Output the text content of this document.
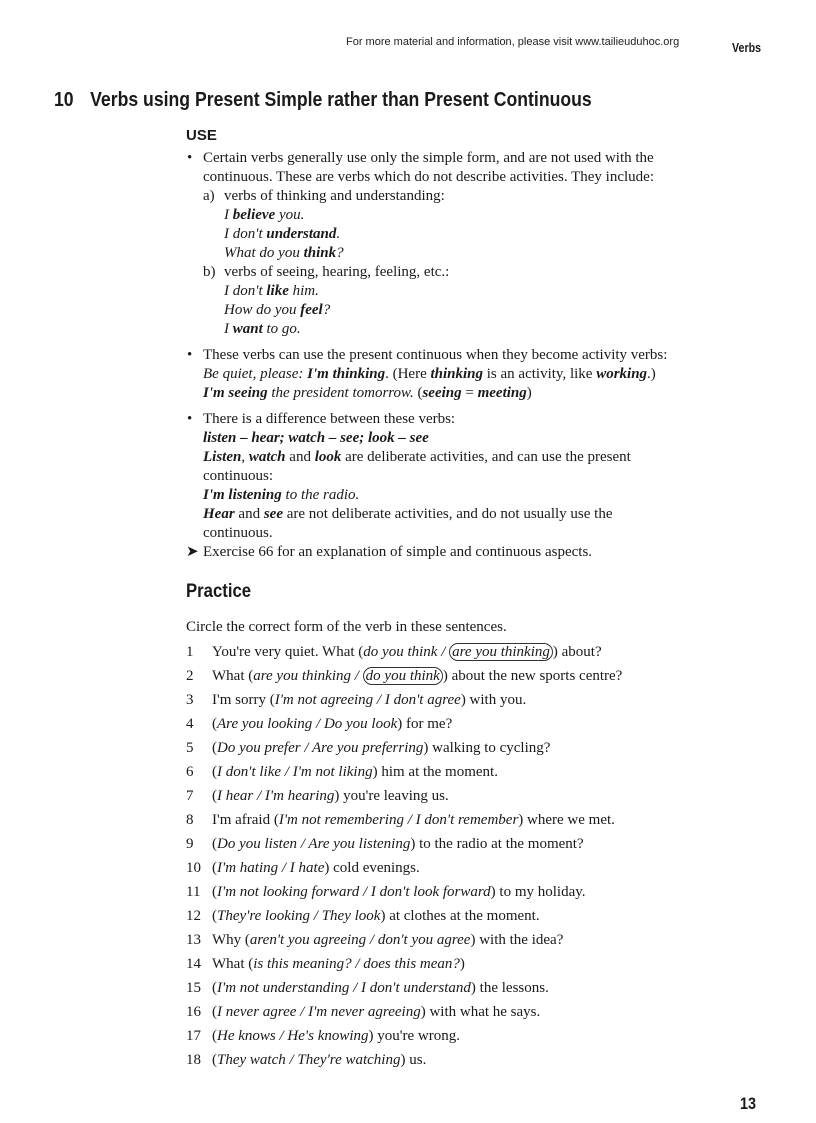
For more material and information, please visit www.tailieuduhoc.org	Verbs
10 Verbs using Present Simple rather than Present Continuous
USE
• Certain verbs generally use only the simple form, and are not used with the
continuous. These are verbs which do not describe activities. They include:
a) verbs of thinking and understanding:
I believe you.
I don't understand.
What do you think?
b) verbs of seeing, hearing, feeling, etc.:
I don't like him.
How do you feel?
I want to go.
• These verbs can use the present continuous when they become activity verbs:
Be quiet, please: I'm thinking. (Here thinking is an activity, like working.)
I'm seeing the president tomorrow. (seeing = meeting)
• There is a difference between these verbs:
listen – hear; watch – see; look – see
Listen, watch and look are deliberate activities, and can use the present
continuous:
I'm listening to the radio.
Hear and see are not deliberate activities, and do not usually use the
continuous.
➤ Exercise 66 for an explanation of simple and continuous aspects.
Practice
Circle the correct form of the verb in these sentences.
1 You're very quiet. What (do you think / are you thinking ) about?
2 What (are you thinking / do you think ) about the new sports centre?
3 I'm sorry (I'm not agreeing / I don't agree) with you.
4 (Are you looking / Do you look) for me?
5 (Do you prefer / Are you preferring) walking to cycling?
6 (I don't like / I'm not liking) him at the moment.
7 (I hear / I'm hearing) you're leaving us.
8 I'm afraid (I'm not remembering / I don't remember) where we met.
9 (Do you listen / Are you listening) to the radio at the moment?
10 (I'm hating / I hate) cold evenings.
11 (I'm not looking forward / I don't look forward) to my holiday.
12 (They're looking / They look) at clothes at the moment.
13 Why (aren't you agreeing / don't you agree) with the idea?
14 What (is this meaning? / does this mean?)
15 (I'm not understanding / I don't understand) the lessons.
16 (I never agree / I'm never agreeing) with what he says.
17 (He knows / He's knowing) you're wrong.
18 (They watch / They're watching) us.
13
